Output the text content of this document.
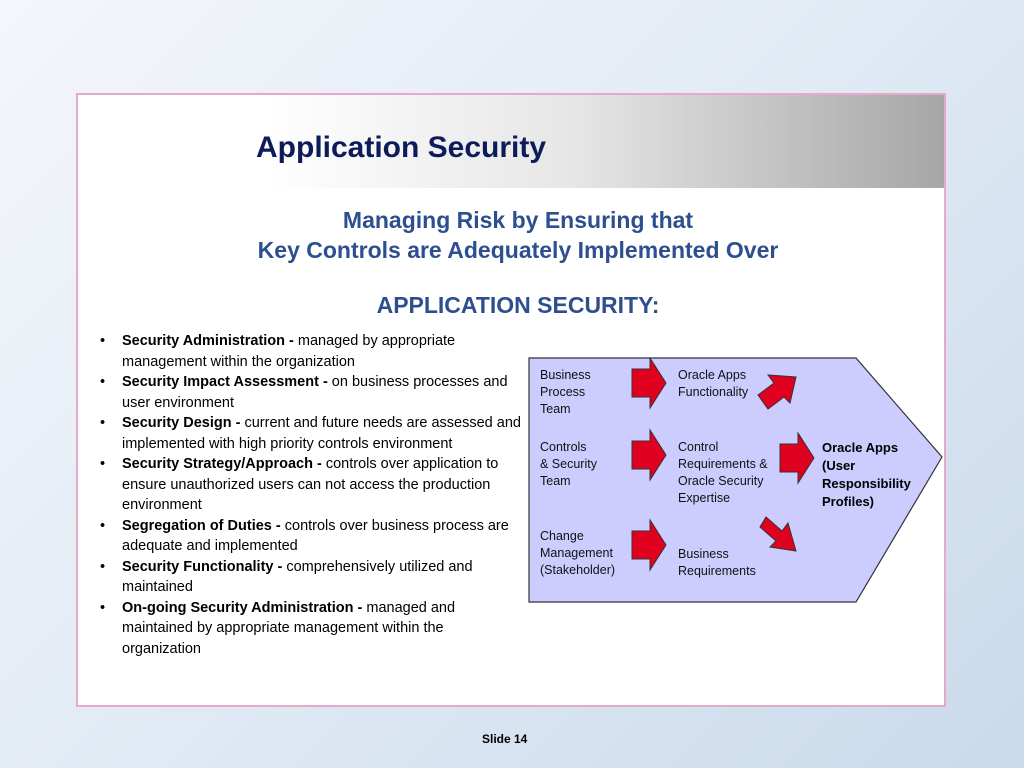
Application Security
Managing Risk by Ensuring that
Key Controls are Adequately Implemented Over
APPLICATION SECURITY:
• Security Administration - managed by appropriate management within the organization
• Security Impact Assessment - on business processes and user environment
• Security Design - current and future needs are assessed and implemented with high priority controls environment
• Security Strategy/Approach - controls over application to ensure unauthorized users can not access the production environment
• Segregation of Duties - controls over business process are adequate and implemented
• Security Functionality - comprehensively utilized and maintained
• On-going Security Administration - managed and maintained by appropriate management within the organization
Business
Process
Team
Controls
& Security
Team
Change
Management
(Stakeholder)
Oracle Apps
Functionality
Control
Requirements &
Oracle Security
Expertise
Business
Requirements
Oracle Apps
(User
Responsibility
Profiles)
Slide 14
